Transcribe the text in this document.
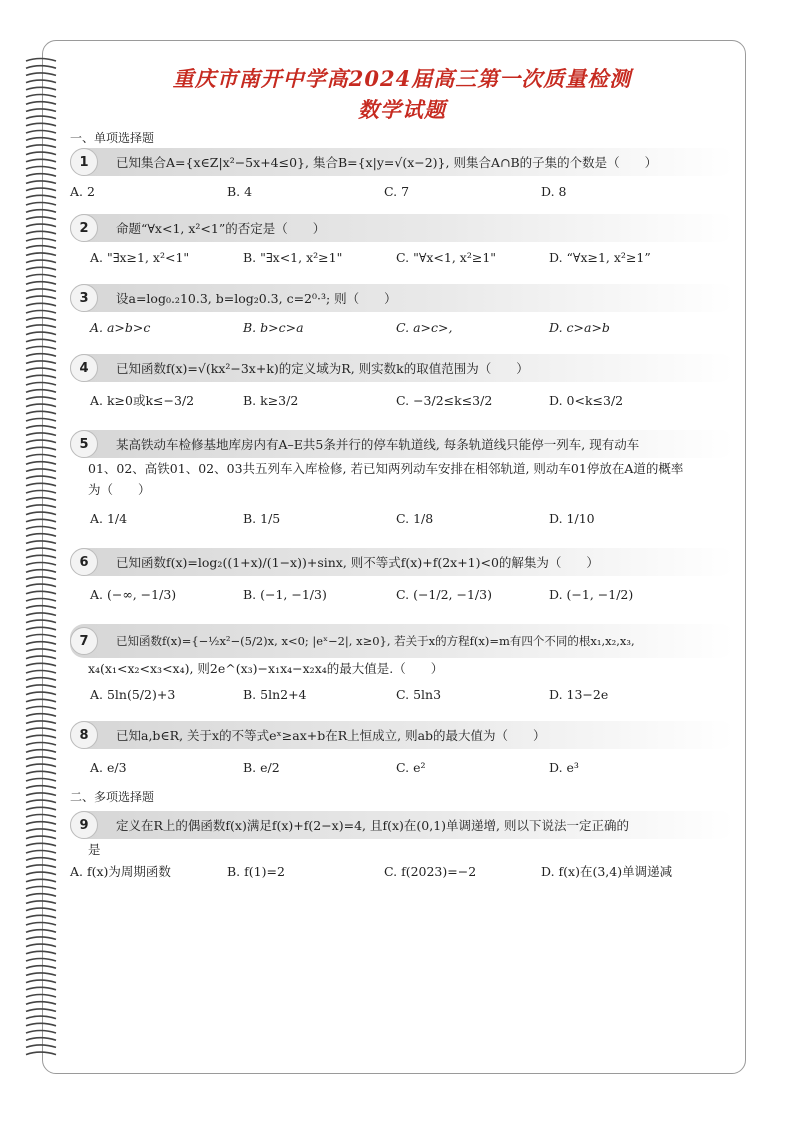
重庆市南开中学高2024届高三第一次质量检测
数学试题
一、单项选择题
1	已知集合A={x∈Z|x²−5x+4≤0}, 集合B={x|y=√(x−2)}, 则集合A∩B的子集的个数是（　　）
A. 2	B. 4	C. 7	D. 8
2	命题“∀x<1, x²<1”的否定是（　　）
A. "∃x≥1, x²<1"	B. "∃x<1, x²≥1"	C. "∀x<1, x²≥1"	D. “∀x≥1, x²≥1”
3	设a=log₀.₂10.3, b=log₂0.3, c=2⁰·³; 则（　　）
A. a>b>c	B. b>c>a	C. a>c>,	D. c>a>b
4	已知函数f(x)=√(kx²−3x+k)的定义域为R, 则实数k的取值范围为（　　）
A. k≥0或k≤−3/2	B. k≥3/2	C. −3/2≤k≤3/2	D. 0<k≤3/2
5	某高铁动车检修基地库房内有A–E共5条并行的停车轨道线, 每条轨道线只能停一列车, 现有动车
01、02、高铁01、02、03共五列车入库检修, 若已知两列动车安排在相邻轨道, 则动车01停放在A道的概率
为（　　）
A. 1/4	B. 1/5	C. 1/8	D. 1/10
6	已知函数f(x)=log₂((1+x)/(1−x))+sinx, 则不等式f(x)+f(2x+1)<0的解集为（　　）
A. (−∞, −1/3)	B. (−1, −1/3)	C. (−1/2, −1/3)	D. (−1, −1/2)
7	已知函数f(x)={−½x²−(5/2)x, x<0; |eˣ−2|, x≥0}, 若关于x的方程f(x)=m有四个不同的根x₁,x₂,x₃,
x₄(x₁<x₂<x₃<x₄), 则2e^(x₃)−x₁x₄−x₂x₄的最大值是.（　　）
A. 5ln(5/2)+3	B. 5ln2+4	C. 5ln3	D. 13−2e
8	已知a,b∈R, 关于x的不等式eˣ≥ax+b在R上恒成立, 则ab的最大值为（　　）
A. e/3	B. e/2	C. e²	D. e³
二、多项选择题
9	定义在R上的偶函数f(x)满足f(x)+f(2−x)=4, 且f(x)在(0,1)单调递增, 则以下说法一定正确的
是
A. f(x)为周期函数	B. f(1)=2	C. f(2023)=−2	D. f(x)在(3,4)单调递减
